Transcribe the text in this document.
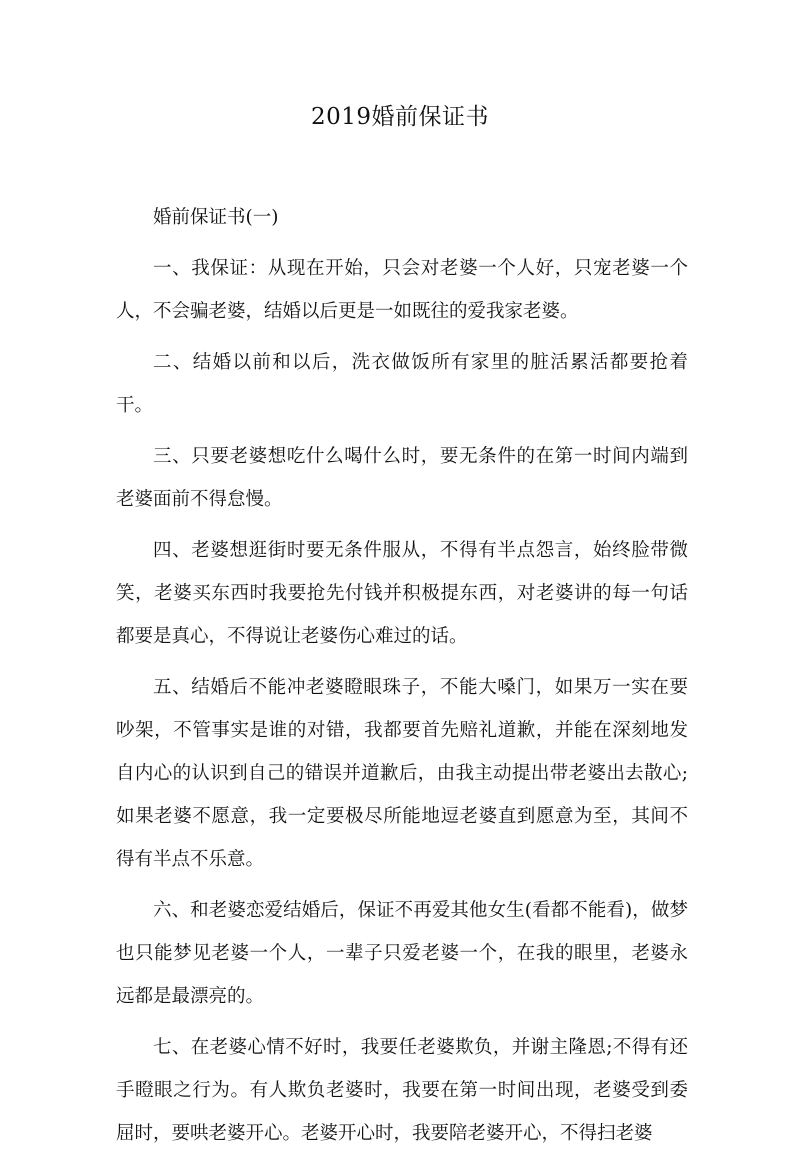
2019婚前保证书

婚前保证书(一)

一、我保证：从现在开始，只会对老婆一个人好，只宠老婆一个人，不会骗老婆，结婚以后更是一如既往的爱我家老婆。

二、结婚以前和以后，洗衣做饭所有家里的脏活累活都要抢着干。

三、只要老婆想吃什么喝什么时，要无条件的在第一时间内端到老婆面前不得怠慢。

四、老婆想逛街时要无条件服从，不得有半点怨言，始终脸带微笑，老婆买东西时我要抢先付钱并积极提东西，对老婆讲的每一句话都要是真心，不得说让老婆伤心难过的话。

五、结婚后不能冲老婆瞪眼珠子，不能大嗓门，如果万一实在要吵架，不管事实是谁的对错，我都要首先赔礼道歉，并能在深刻地发自内心的认识到自己的错误并道歉后，由我主动提出带老婆出去散心;如果老婆不愿意，我一定要极尽所能地逗老婆直到愿意为至，其间不得有半点不乐意。

六、和老婆恋爱结婚后，保证不再爱其他女生(看都不能看)，做梦也只能梦见老婆一个人，一辈子只爱老婆一个，在我的眼里，老婆永远都是最漂亮的。

七、在老婆心情不好时，我要任老婆欺负，并谢主隆恩;不得有还手瞪眼之行为。有人欺负老婆时，我要在第一时间出现，老婆受到委屈时，要哄老婆开心。老婆开心时，我要陪老婆开心，不得扫老婆
